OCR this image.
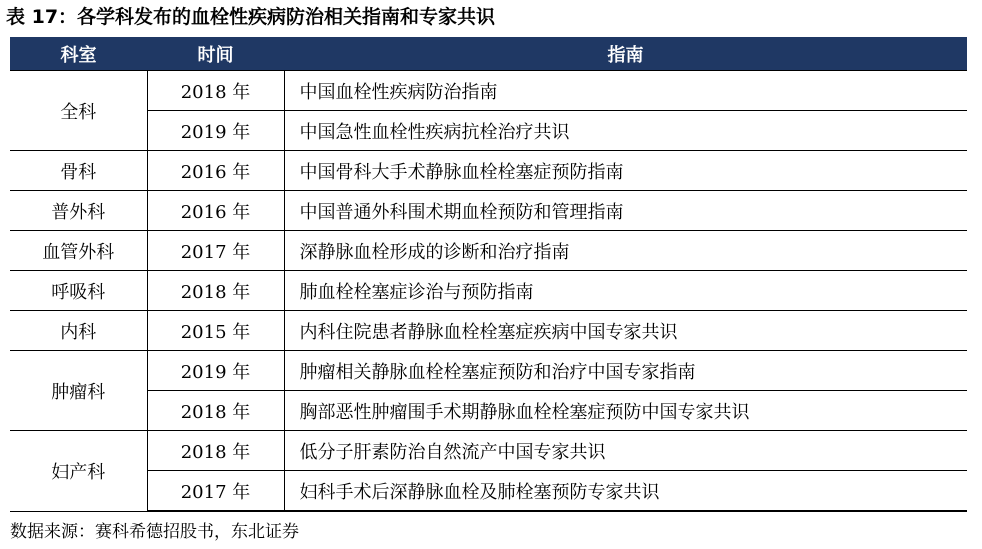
表 17：各学科发布的血栓性疾病防治相关指南和专家共识
科室	时间	指南
全科	2018 年	中国血栓性疾病防治指南
	2019 年	中国急性血栓性疾病抗栓治疗共识
骨科	2016 年	中国骨科大手术静脉血栓栓塞症预防指南
普外科	2016 年	中国普通外科围术期血栓预防和管理指南
血管外科	2017 年	深静脉血栓形成的诊断和治疗指南
呼吸科	2018 年	肺血栓栓塞症诊治与预防指南
内科	2015 年	内科住院患者静脉血栓栓塞症疾病中国专家共识
肿瘤科	2019 年	肿瘤相关静脉血栓栓塞症预防和治疗中国专家指南
	2018 年	胸部恶性肿瘤围手术期静脉血栓栓塞症预防中国专家共识
妇产科	2018 年	低分子肝素防治自然流产中国专家共识
	2017 年	妇科手术后深静脉血栓及肺栓塞预防专家共识
数据来源：赛科希德招股书，东北证券
